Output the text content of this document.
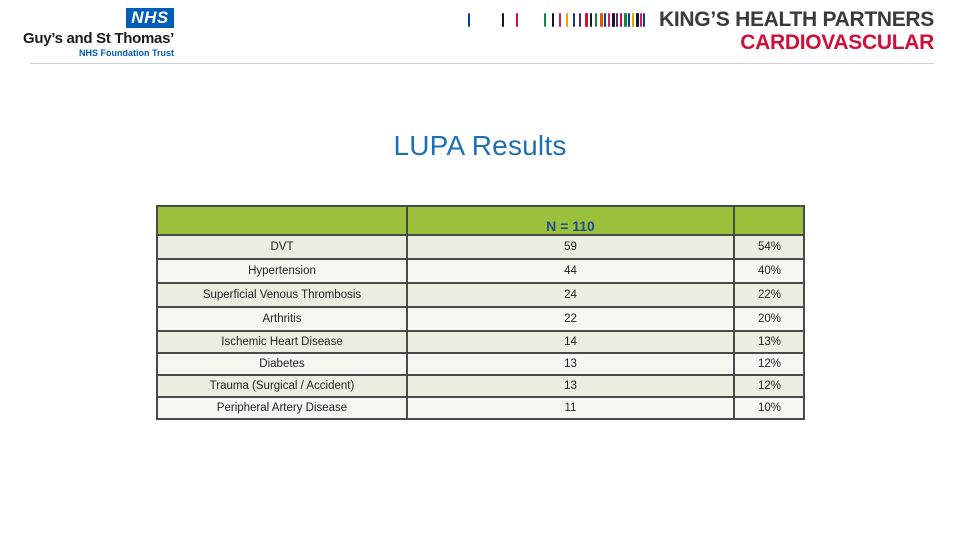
NHS
Guy’s and St Thomas’
NHS Foundation Trust
KING’S HEALTH PARTNERS
CARDIOVASCULAR
LUPA Results
	N = 110	
DVT	59	54%
Hypertension	44	40%
Superficial Venous Thrombosis	24	22%
Arthritis	22	20%
Ischemic Heart Disease	14	13%
Diabetes	13	12%
Trauma (Surgical / Accident)	13	12%
Peripheral Artery Disease	11	10%
